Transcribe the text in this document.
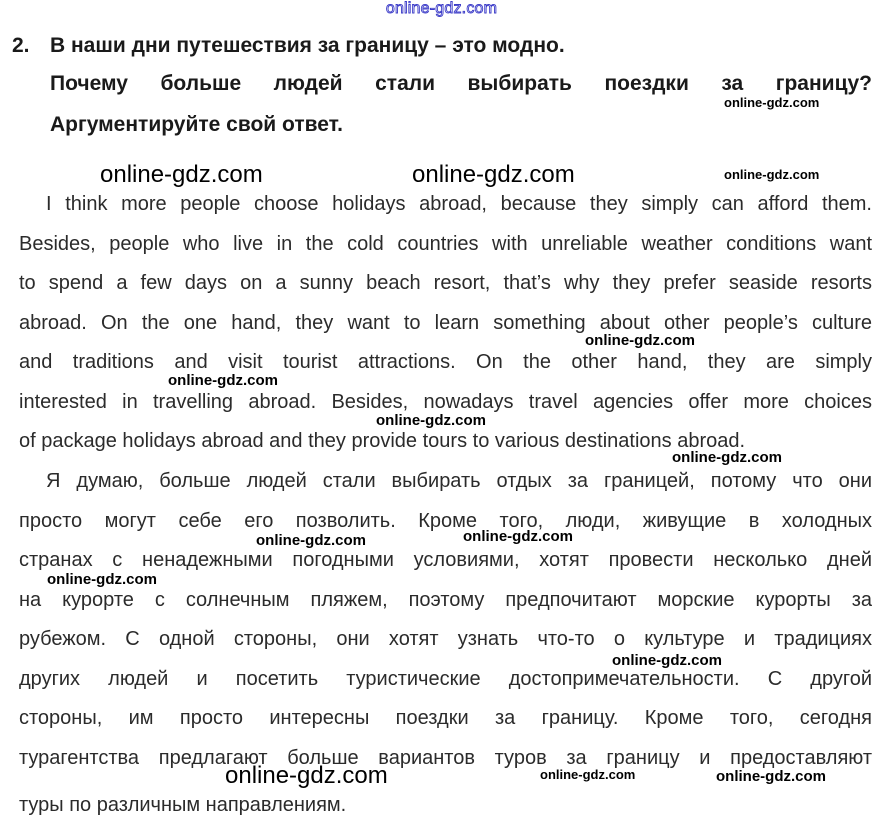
online-gdz.com
2. В наши дни путешествия за границу – это модно.
Почему больше людей стали выбирать поездки за границу?
Аргументируйте свой ответ.
I think more people choose holidays abroad, because they simply can afford them.
Besides, people who live in the cold countries with unreliable weather conditions want
to spend a few days on a sunny beach resort, that’s why they prefer seaside resorts
abroad. On the one hand, they want to learn something about other people’s culture
and traditions and visit tourist attractions. On the other hand, they are simply
interested in travelling abroad. Besides, nowadays travel agencies offer more choices
of package holidays abroad and they provide tours to various destinations abroad.
Я думаю, больше людей стали выбирать отдых за границей, потому что они
просто могут себе его позволить. Кроме того, люди, живущие в холодных
странах с ненадежными погодными условиями, хотят провести несколько дней
на курорте с солнечным пляжем, поэтому предпочитают морские курорты за
рубежом. С одной стороны, они хотят узнать что-то о культуре и традициях
других людей и посетить туристические достопримечательности. С другой
стороны, им просто интересны поездки за границу. Кроме того, сегодня
турагентства предлагают больше вариантов туров за границу и предоставляют
туры по различным направлениям.
online-gdz.com
online-gdz.com	online-gdz.com	online-gdz.com
online-gdz.com
online-gdz.com
online-gdz.com
online-gdz.com
online-gdz.com	online-gdz.com
online-gdz.com
online-gdz.com
online-gdz.com	online-gdz.com	online-gdz.com
